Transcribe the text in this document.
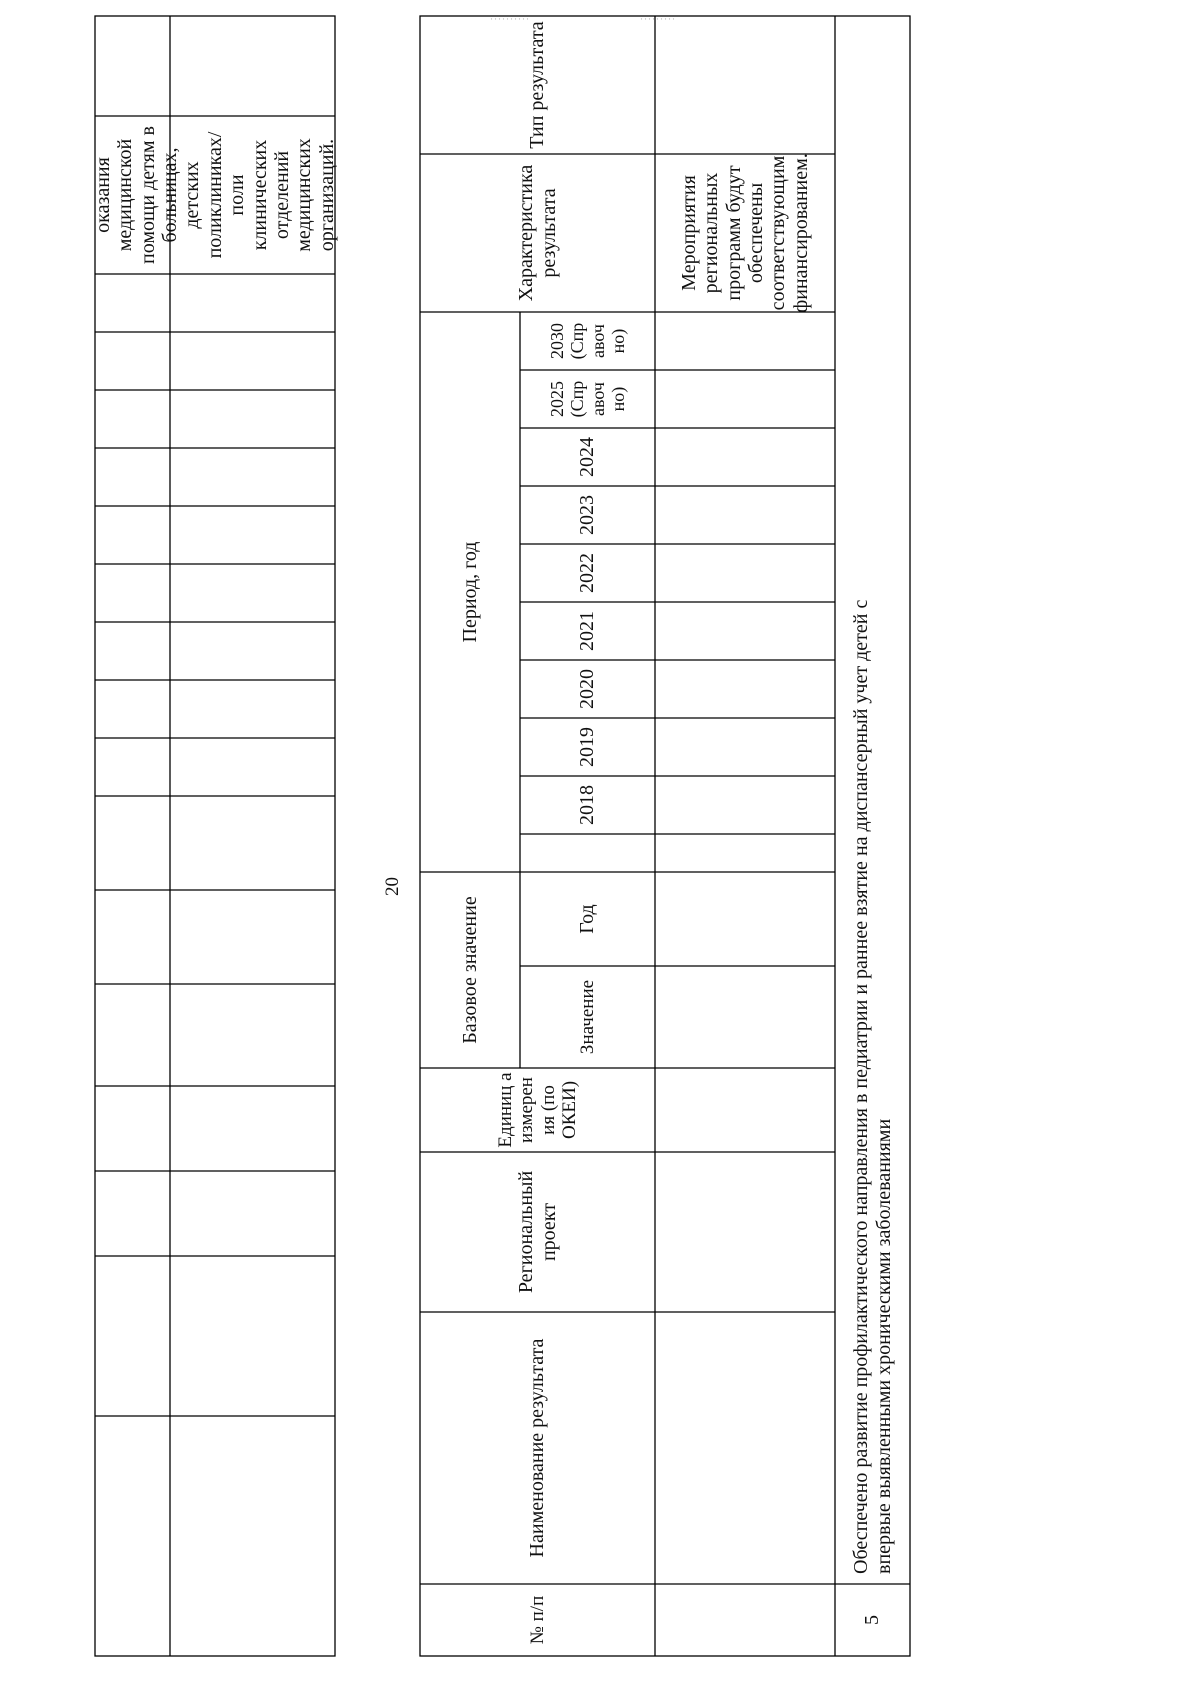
··········	·········
оказания медицинской помощи детям в больницах, детских поликлиниках/поли клинических отделений медицинских организаций.
20
№ п/п
Наименование результата
Региональный проект
Единиц а измерен ия (по ОКЕИ)
Базовое значение	Значение
Год
Период, год
2018
2019
2020
2021
2022
2023
2024
2025 (Спр авоч но)
Характеристика результата
Тип результата
Мероприятия региональных программ будут обеспечены соответствующим финансированием.
5
Обеспечено развитие профилактического направления в педиатрии и раннее взятие на диспансерный учет детей с впервые выявленными хроническими заболеваниями
2030 (Спр авоч но)
